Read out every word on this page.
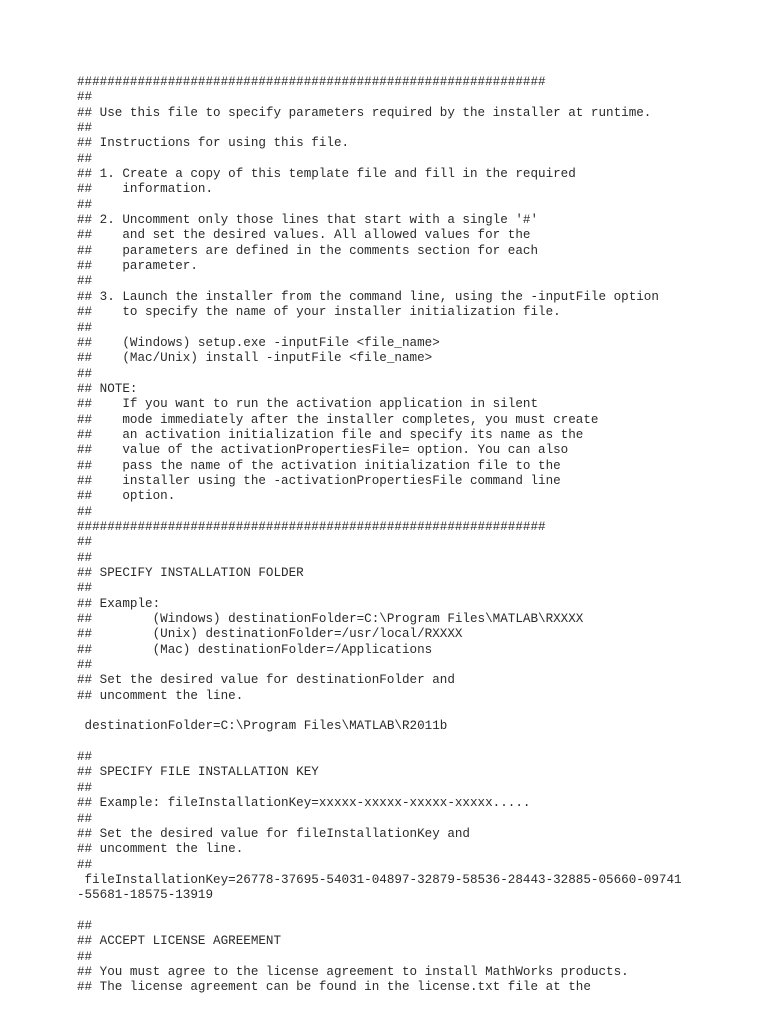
##############################################################
##
## Use this file to specify parameters required by the installer at runtime.
##
## Instructions for using this file.
##
## 1. Create a copy of this template file and fill in the required
##    information.
##
## 2. Uncomment only those lines that start with a single '#'
##    and set the desired values. All allowed values for the
##    parameters are defined in the comments section for each
##    parameter.
##
## 3. Launch the installer from the command line, using the -inputFile option
##    to specify the name of your installer initialization file.
##
##    (Windows) setup.exe -inputFile <file_name>
##    (Mac/Unix) install -inputFile <file_name>
##
## NOTE:
##    If you want to run the activation application in silent
##    mode immediately after the installer completes, you must create
##    an activation initialization file and specify its name as the
##    value of the activationPropertiesFile= option. You can also
##    pass the name of the activation initialization file to the
##    installer using the -activationPropertiesFile command line
##    option.
##
##############################################################
##
##
## SPECIFY INSTALLATION FOLDER
##
## Example:
##        (Windows) destinationFolder=C:\Program Files\MATLAB\RXXXX
##        (Unix) destinationFolder=/usr/local/RXXXX
##        (Mac) destinationFolder=/Applications
##
## Set the desired value for destinationFolder and
## uncomment the line.
destinationFolder=C:\Program Files\MATLAB\R2011b
##
## SPECIFY FILE INSTALLATION KEY
##
## Example: fileInstallationKey=xxxxx-xxxxx-xxxxx-xxxxx.....
##
## Set the desired value for fileInstallationKey and
## uncomment the line.
##
fileInstallationKey=26778-37695-54031-04897-32879-58536-28443-32885-05660-09741
-55681-18575-13919
##
## ACCEPT LICENSE AGREEMENT
##
## You must agree to the license agreement to install MathWorks products.
## The license agreement can be found in the license.txt file at the
